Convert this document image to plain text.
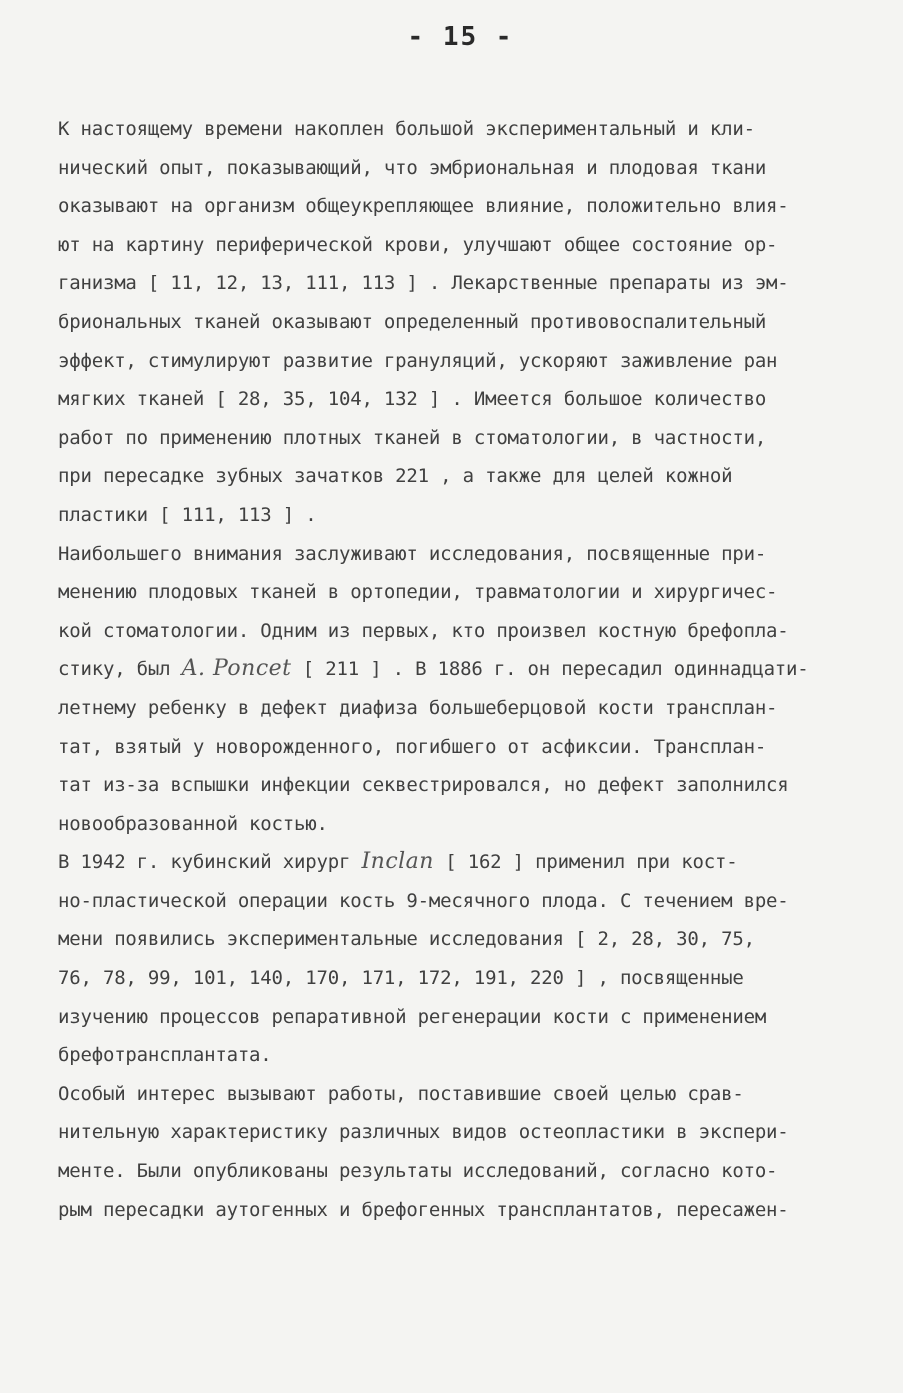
- 15 -
К настоящему времени накоплен большой экспериментальный и кли-
нический опыт, показывающий, что эмбриональная и плодовая ткани
оказывают на организм общеукрепляющее влияние, положительно влия-
ют на картину периферической крови, улучшают общее состояние ор-
ганизма [ 11, 12, 13, 111, 113 ] . Лекарственные препараты из эм-
бриональных тканей оказывают определенный противовоспалительный
эффект, стимулируют развитие грануляций, ускоряют заживление ран
мягких тканей [ 28, 35, 104, 132 ] . Имеется большое количество
работ по применению плотных тканей в стоматологии, в частности,
при пересадке зубных зачатков 221 , а также для целей кожной
пластики [ 111, 113 ] .
Наибольшего внимания заслуживают исследования, посвященные при-
менению плодовых тканей в ортопедии, травматологии и хирургичес-
кой стоматологии. Одним из первых, кто произвел костную брефопла-
стику, был A. Poncet [ 211 ] . В 1886 г. он пересадил одиннадцати-
летнему ребенку в дефект диафиза большеберцовой кости трансплан-
тат, взятый у новорожденного, погибшего от асфиксии. Трансплан-
тат из-за вспышки инфекции секвестрировался, но дефект заполнился
новообразованной костью.
В 1942 г. кубинский хирург Inclan [ 162 ] применил при кост-
но-пластической операции кость 9-месячного плода. С течением вре-
мени появились экспериментальные исследования [ 2, 28, 30, 75,
76, 78, 99, 101, 140, 170, 171, 172, 191, 220 ] , посвященные
изучению процессов репаративной регенерации кости с применением
брефотрансплантата.
Особый интерес вызывают работы, поставившие своей целью срав-
нительную характеристику различных видов остеопластики в экспери-
менте. Были опубликованы результаты исследований, согласно кото-
рым пересадки аутогенных и брефогенных трансплантатов, пересажен-
